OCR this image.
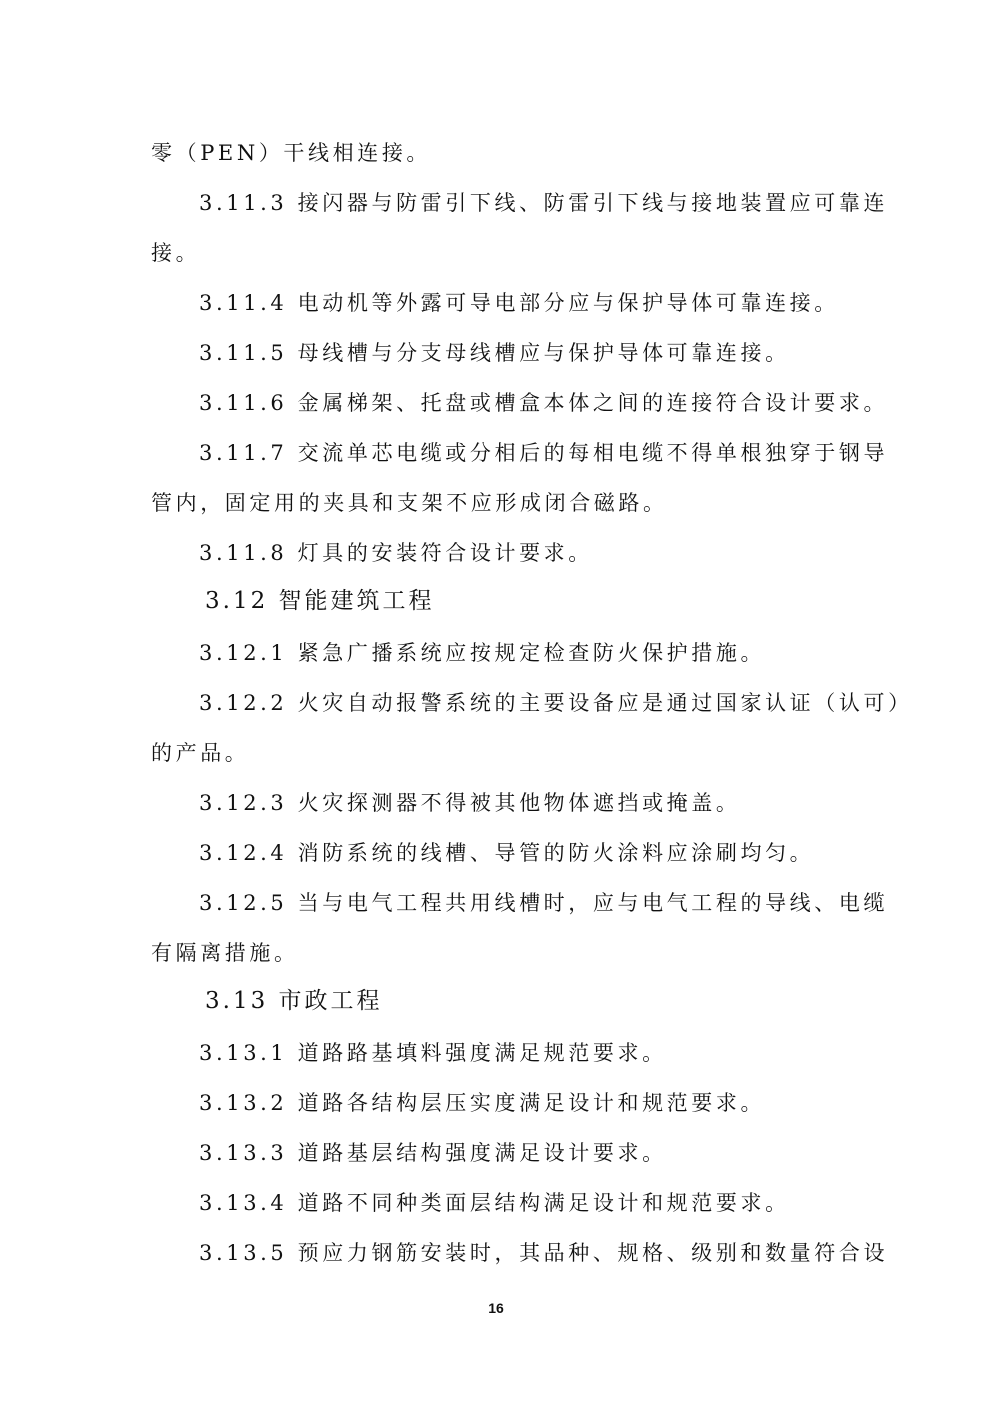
零（PEN）干线相连接。
3.11.3 接闪器与防雷引下线、防雷引下线与接地装置应可靠连
接。
3.11.4 电动机等外露可导电部分应与保护导体可靠连接。
3.11.5 母线槽与分支母线槽应与保护导体可靠连接。
3.11.6 金属梯架、托盘或槽盒本体之间的连接符合设计要求。
3.11.7 交流单芯电缆或分相后的每相电缆不得单根独穿于钢导
管内，固定用的夹具和支架不应形成闭合磁路。
3.11.8 灯具的安装符合设计要求。
3.12 智能建筑工程
3.12.1 紧急广播系统应按规定检查防火保护措施。
3.12.2 火灾自动报警系统的主要设备应是通过国家认证（认可）
的产品。
3.12.3 火灾探测器不得被其他物体遮挡或掩盖。
3.12.4 消防系统的线槽、导管的防火涂料应涂刷均匀。
3.12.5 当与电气工程共用线槽时，应与电气工程的导线、电缆
有隔离措施。
3.13 市政工程
3.13.1 道路路基填料强度满足规范要求。
3.13.2 道路各结构层压实度满足设计和规范要求。
3.13.3 道路基层结构强度满足设计要求。
3.13.4 道路不同种类面层结构满足设计和规范要求。
3.13.5 预应力钢筋安装时，其品种、规格、级别和数量符合设
16
